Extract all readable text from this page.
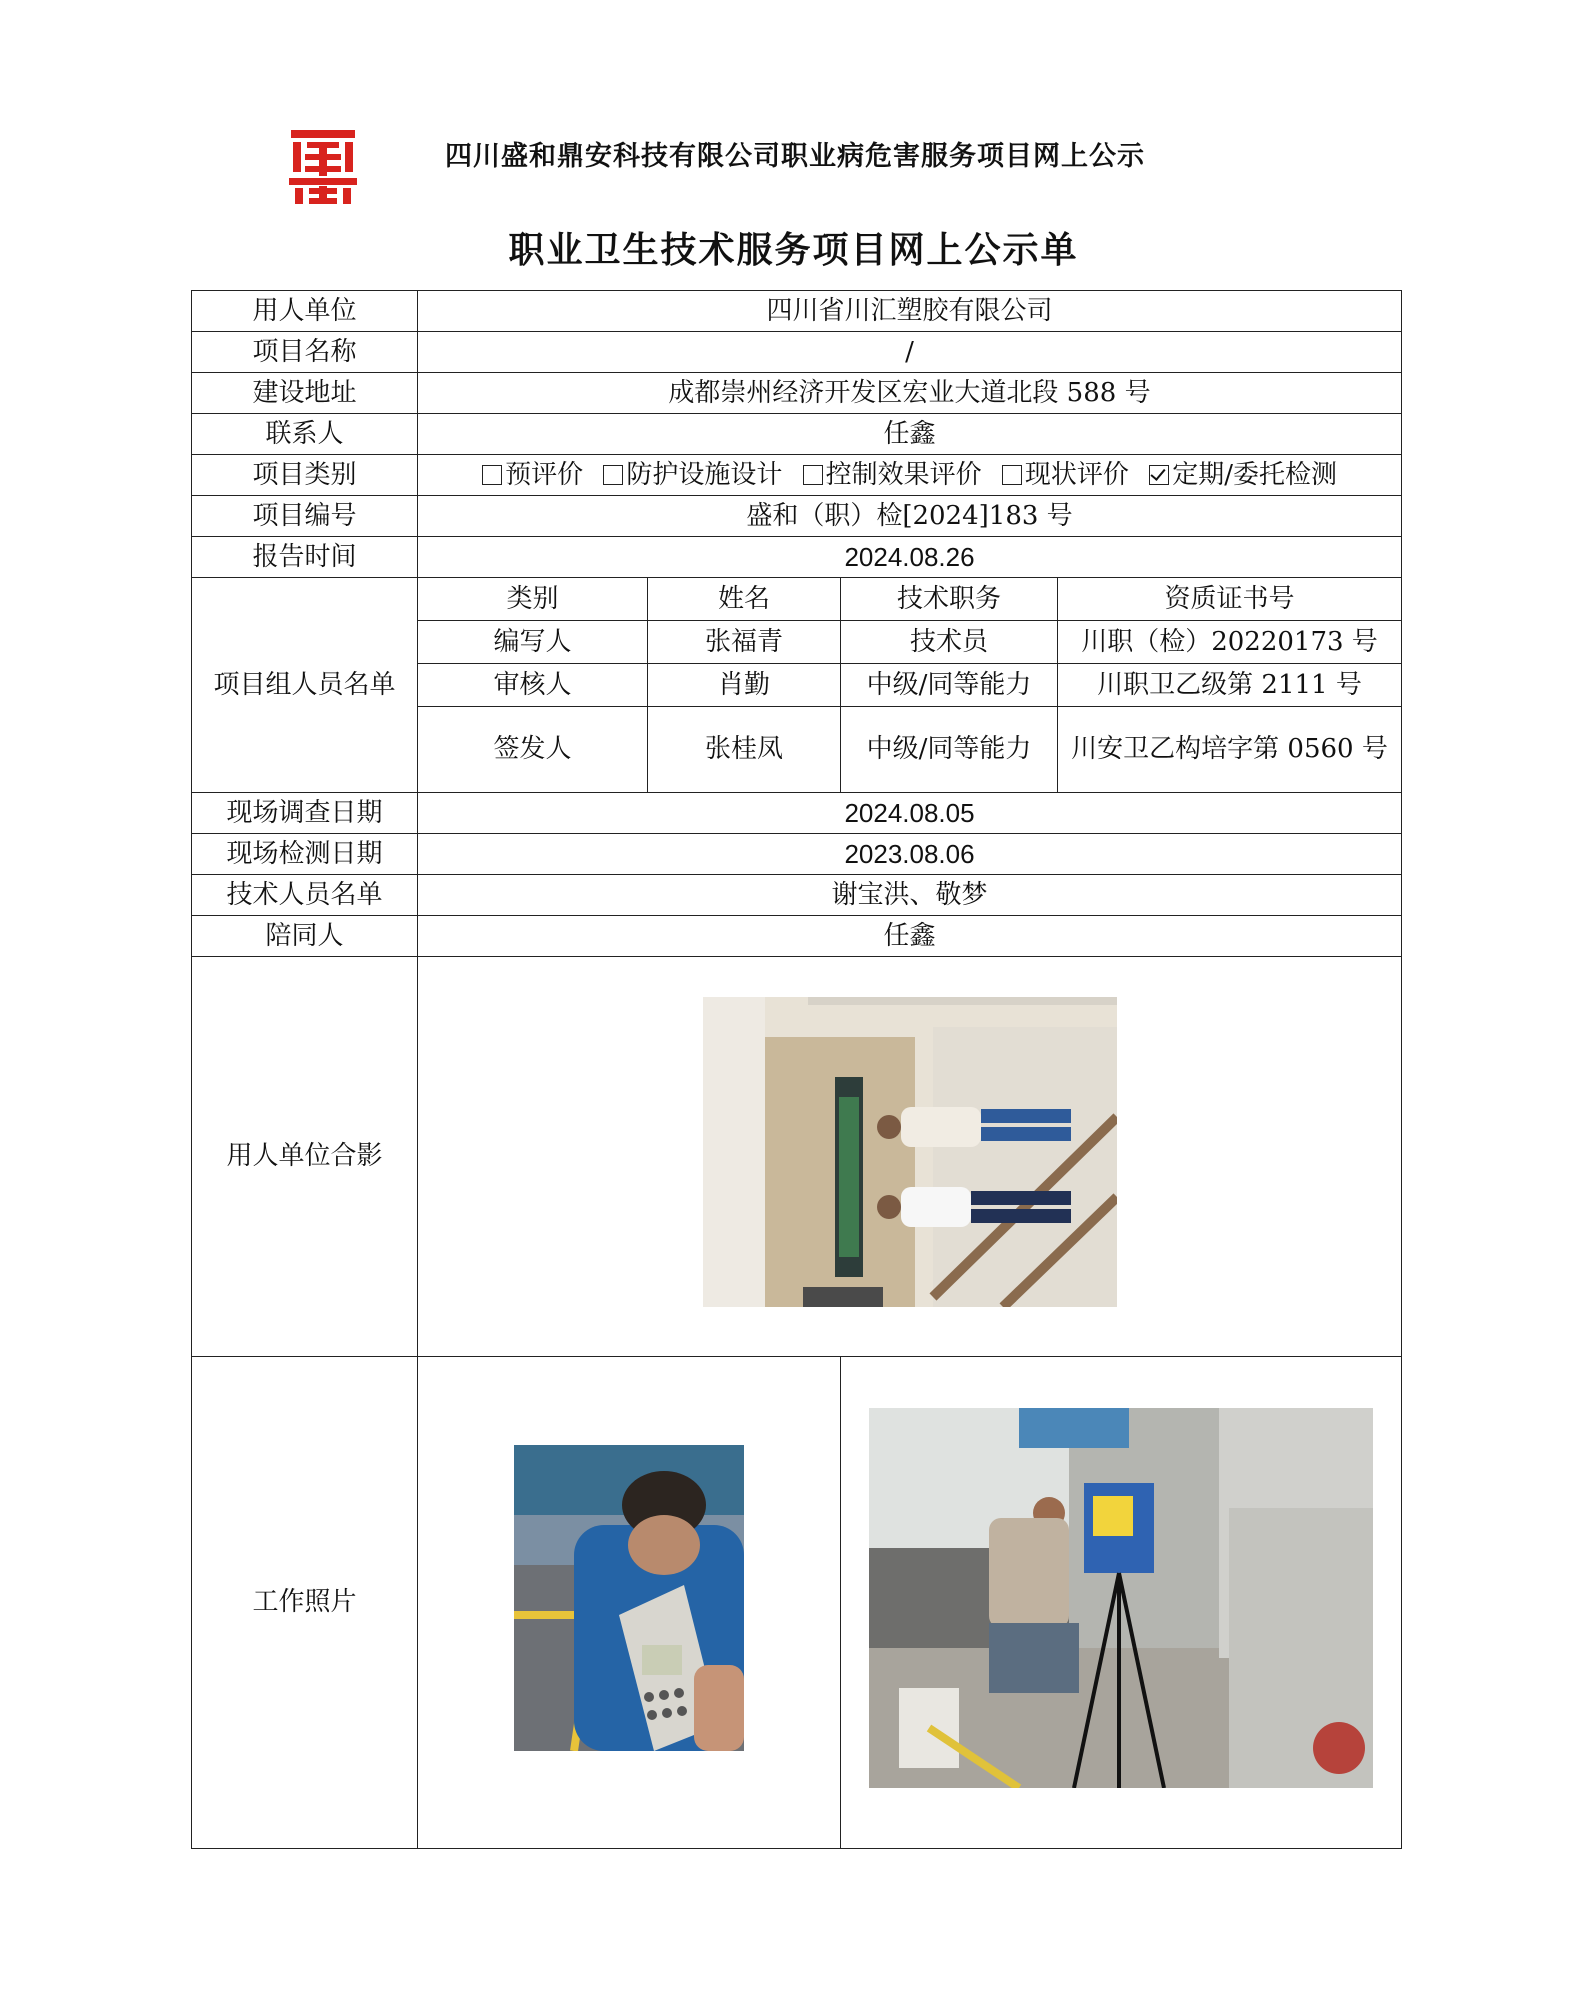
四川盛和鼎安科技有限公司职业病危害服务项目网上公示
职业卫生技术服务项目网上公示单
用人单位	四川省川汇塑胶有限公司			
项目名称	/			
建设地址	成都崇州经济开发区宏业大道北段 588 号			
联系人	任鑫			
项目类别	预评价 防护设施设计 控制效果评价 现状评价 定期/委托检测			
项目编号	盛和（职）检[2024]183 号			
报告时间	2024.08.26			
项目组人员名单	类别	姓名	技术职务	资质证书号
	编写人	张福青	技术员	川职（检）20220173 号
	审核人	肖勤	中级/同等能力	川职卫乙级第 2111 号
	签发人	张桂凤	中级/同等能力	川安卫乙构培字第 0560 号
现场调查日期	2024.08.05			
现场检测日期	2023.08.06			
技术人员名单	谢宝洪、敬梦			
陪同人	任鑫			
用人单位合影	
工作照片		
